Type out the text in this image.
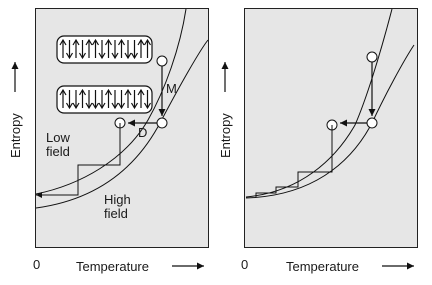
Entropy	Entropy
0	0
Temperature	Temperature
M
D
Low
field
High
field
